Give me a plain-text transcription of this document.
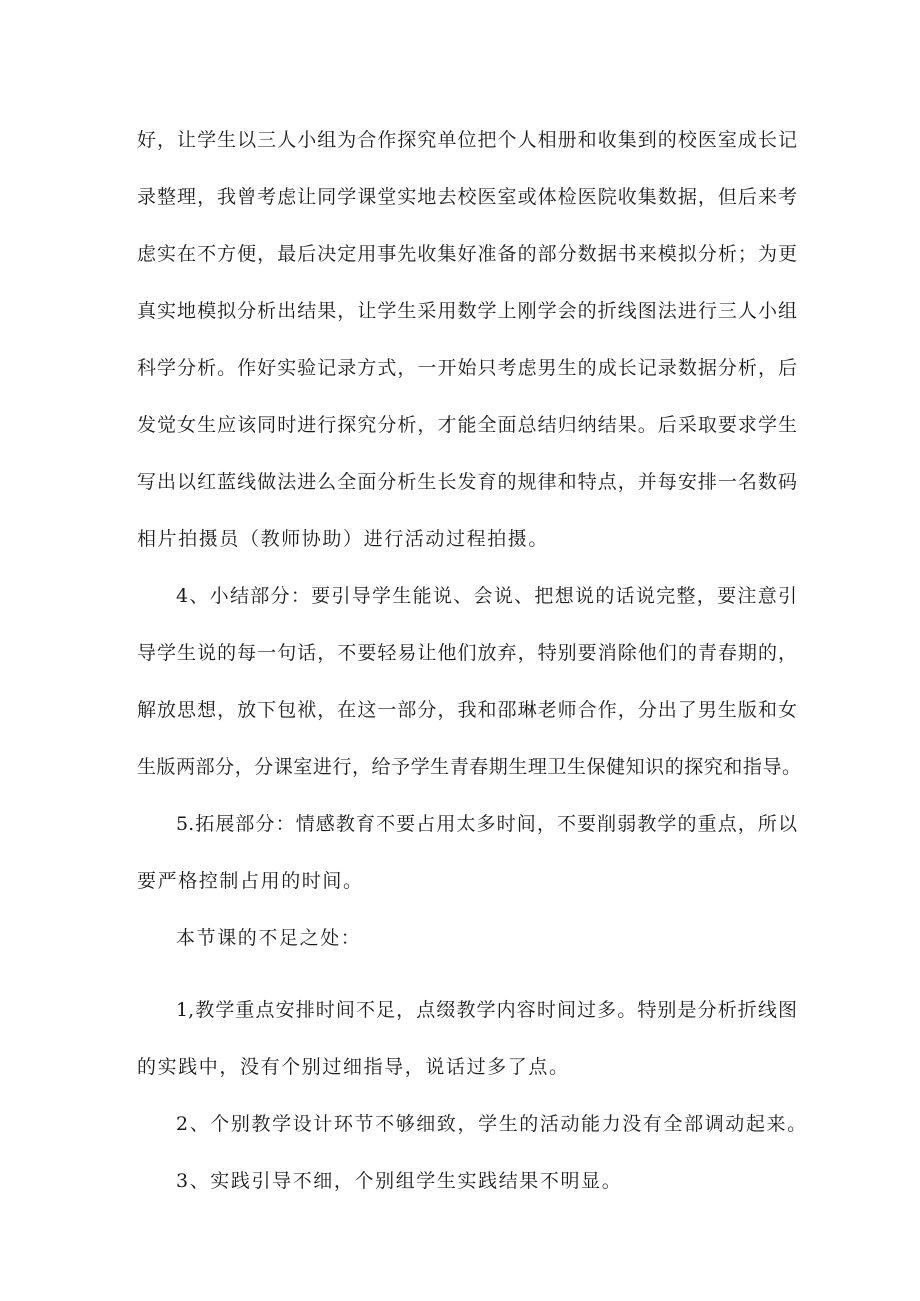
好，让学生以三人小组为合作探究单位把个人相册和收集到的校医室成长记
录整理，我曾考虑让同学课堂实地去校医室或体检医院收集数据，但后来考
虑实在不方便，最后决定用事先收集好准备的部分数据书来模拟分析；为更
真实地模拟分析出结果，让学生采用数学上刚学会的折线图法进行三人小组
科学分析。作好实验记录方式，一开始只考虑男生的成长记录数据分析，后
发觉女生应该同时进行探究分析，才能全面总结归纳结果。后采取要求学生
写出以红蓝线做法进么全面分析生长发育的规律和特点，并每安排一名数码
相片拍摄员（教师协助）进行活动过程拍摄。
4、小结部分：要引导学生能说、会说、把想说的话说完整，要注意引
导学生说的每一句话，不要轻易让他们放弃，特别要消除他们的青春期的，
解放思想，放下包袱，在这一部分，我和邵琳老师合作，分出了男生版和女
生版两部分，分课室进行，给予学生青春期生理卫生保健知识的探究和指导。
5.拓展部分：情感教育不要占用太多时间，不要削弱教学的重点，所以
要严格控制占用的时间。
本节课的不足之处：
1,教学重点安排时间不足，点缀教学内容时间过多。特别是分析折线图
的实践中，没有个别过细指导，说话过多了点。
2、个别教学设计环节不够细致，学生的活动能力没有全部调动起来。
3、实践引导不细，个别组学生实践结果不明显。
